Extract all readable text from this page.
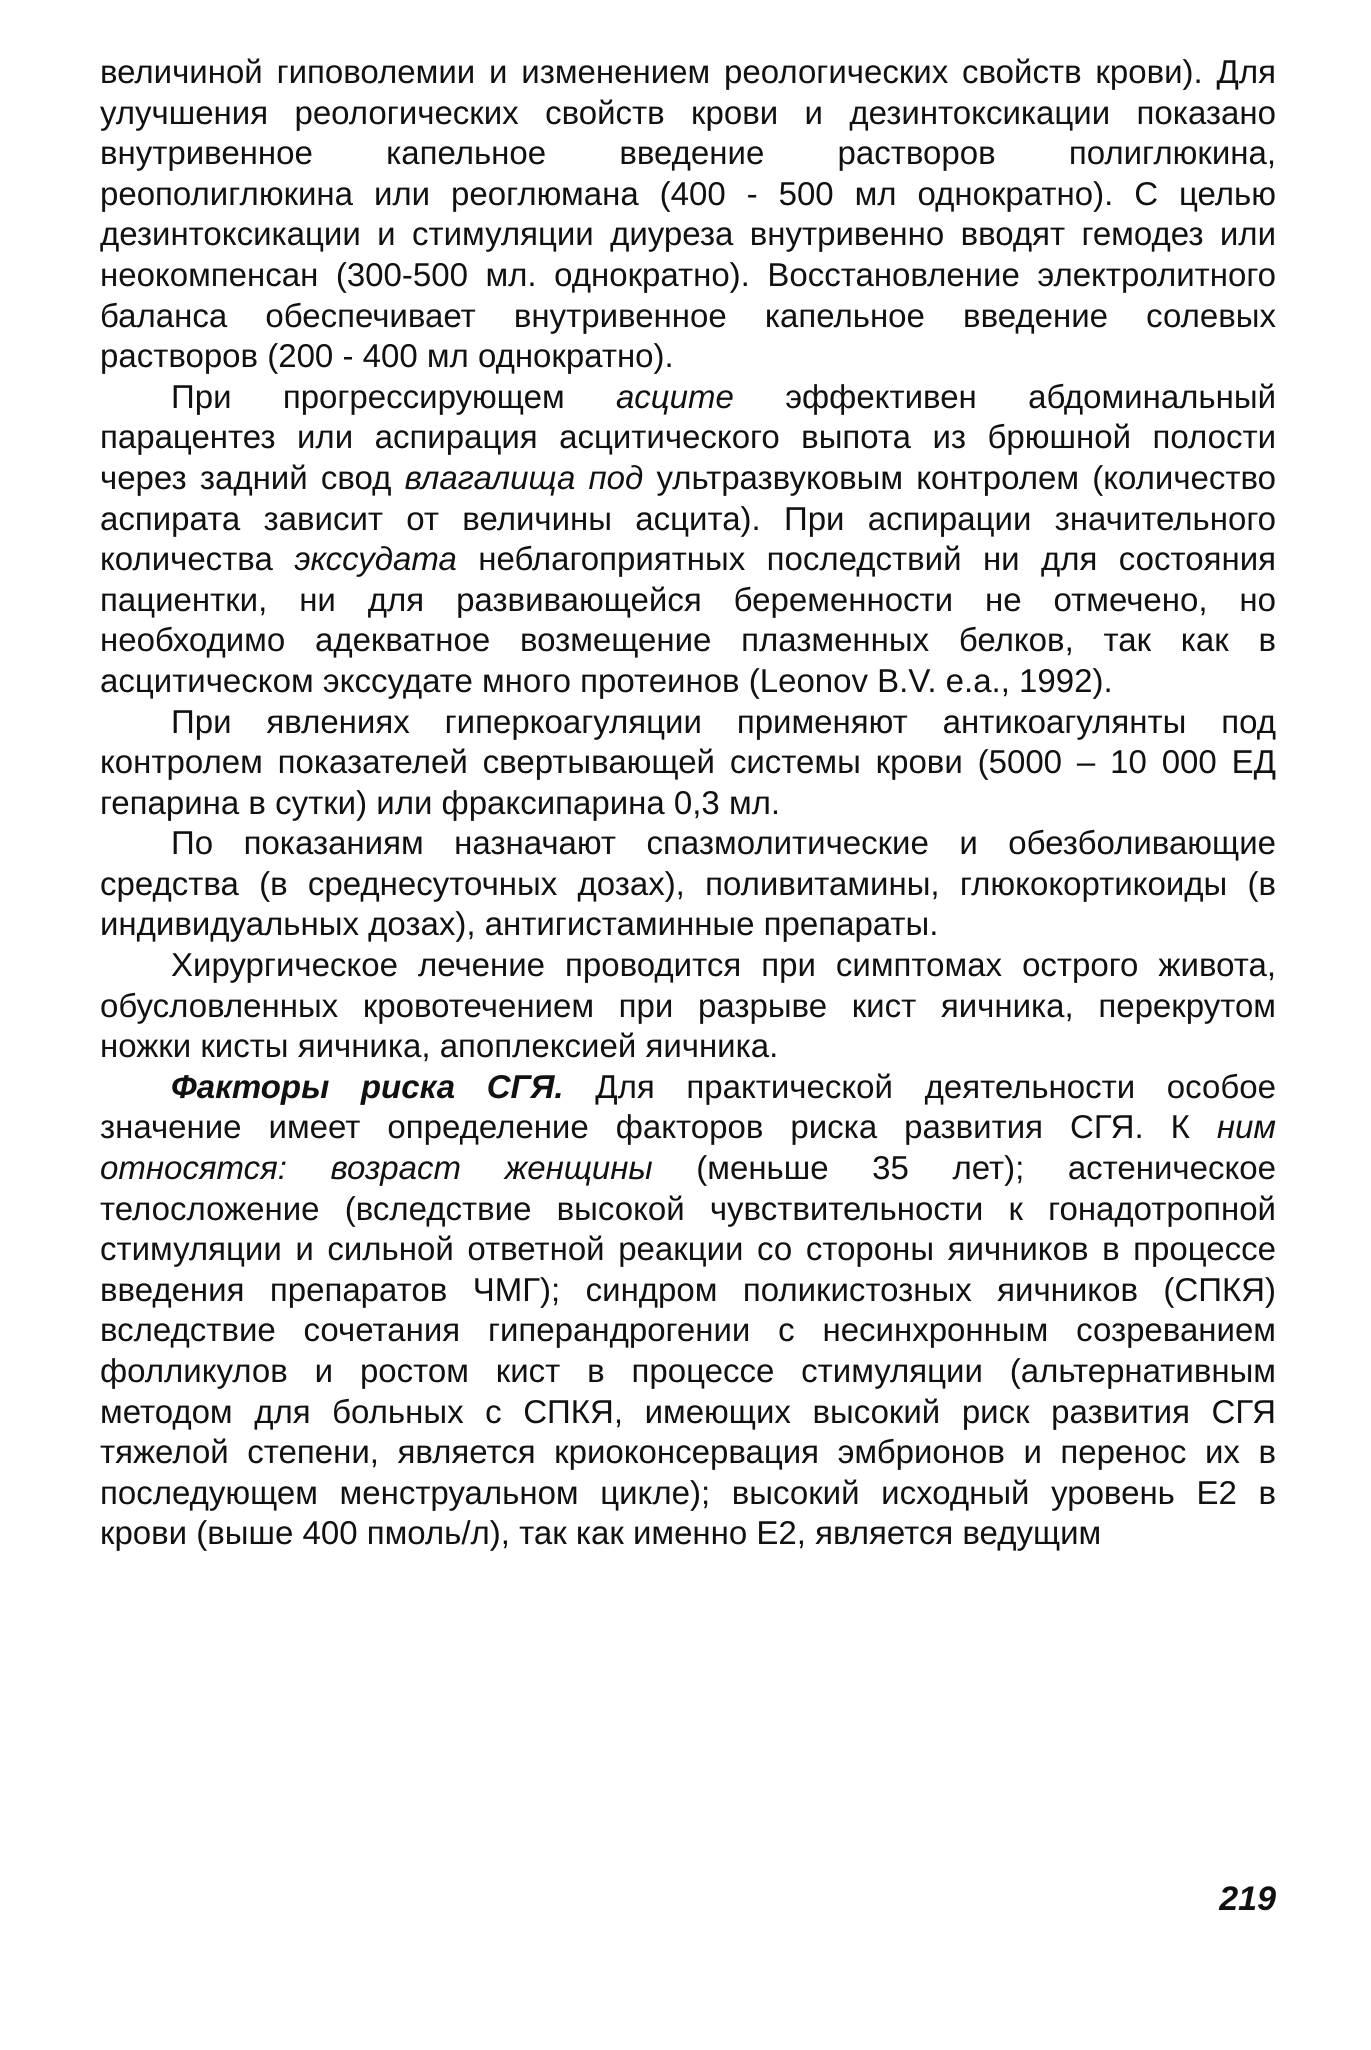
величиной гиповолемии и изменением реологических свойств крови). Для улучшения реологических свойств крови и дезинтоксикации показано внутривенное капельное введение растворов полиглюкина, реополиглюкина или реоглюмана (400 - 500 мл однократно). С целью дезинтоксикации и стимуляции диуреза внутривенно вводят гемодез или неокомпенсан (300-500 мл. однократно). Восстановление электролитного баланса обеспечивает внутривенное капельное введение солевых растворов (200 - 400 мл однократно).

При прогрессирующем асците эффективен абдоминальный парацентез или аспирация асцитического выпота из брюшной полости через задний свод влагалища под ультразвуковым контролем (количество аспирата зависит от величины асцита). При аспирации значительного количества экссудата неблагоприятных последствий ни для состояния пациентки, ни для развивающейся беременности не отмечено, но необходимо адекватное возмещение плазменных белков, так как в асцитическом экссудате много протеинов (Leonov B.V. e.a., 1992).

При явлениях гиперкоагуляции применяют антикоагулянты под контролем показателей свертывающей системы крови (5000 – 10 000 ЕД гепарина в сутки) или фраксипарина 0,3 мл.

По показаниям назначают спазмолитические и обезболивающие средства (в среднесуточных дозах), поливитамины, глюкокортикоиды (в индивидуальных дозах), антигистаминные препараты.

Хирургическое лечение проводится при симптомах острого живота, обусловленных кровотечением при разрыве кист яичника, перекрутом ножки кисты яичника, апоплексией яичника.

Факторы риска СГЯ. Для практической деятельности особое значение имеет определение факторов риска развития СГЯ. К ним относятся: возраст женщины (меньше 35 лет); астеническое телосложение (вследствие высокой чувствительности к гонадотропной стимуляции и сильной ответной реакции со стороны яичников в процессе введения препаратов ЧМГ); синдром поликистозных яичников (СПКЯ) вследствие сочетания гиперандрогении с несинхронным созреванием фолликулов и ростом кист в процессе стимуляции (альтернативным методом для больных с СПКЯ, имеющих высокий риск развития СГЯ тяжелой степени, является криоконсервация эмбрионов и перенос их в последующем менструальном цикле); высокий исходный уровень Е2 в крови (выше 400 пмоль/л), так как именно Е2, является ведущим

219
